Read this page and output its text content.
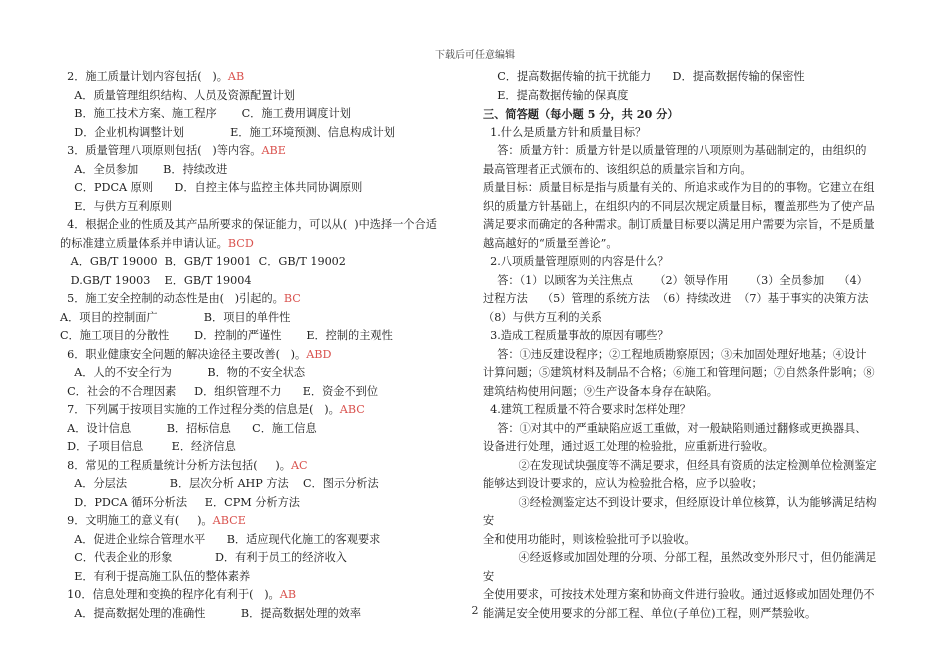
下载后可任意编辑
2．施工质量计划内容包括(   )。AB
A．质量管理组织结构、人员及资源配置计划
B．施工技术方案、施工程序       C．施工费用调度计划
D．企业机构调整计划             E．施工环境预测、信息构成计划
3．质量管理八项原则包括(   )等内容。ABE
A．全员参加       B．持续改进
C．PDCA 原则      D．自控主体与监控主体共同协调原则
E．与供方互利原则
4．根据企业的性质及其产品所要求的保证能力，可以从(  )中选择一个合适
的标准建立质量体系并申请认证。BCD
A．GB/T 19000  B．GB/T 19001  C．GB/T 19002
D.GB/T 19003    E．GB/T 19004
5．施工安全控制的动态性是由(   )引起的。BC
A．项目的控制面广             B．项目的单件性
C．施工项目的分散性       D．控制的严谨性       E．控制的主观性
6．职业健康安全问题的解决途径主要改善(   )。ABD
A．人的不安全行为          B．物的不安全状态
C．社会的不合理因素     D．组织管理不力      E．资金不到位
7．下列属于按项目实施的工作过程分类的信息是(   )。ABC
A．设计信息          B．招标信息      C．施工信息
D．子项目信息        E．经济信息
8．常见的工程质量统计分析方法包括(     )。AC
A．分层法            B．层次分析 AHP 方法    C．图示分析法
D．PDCA 循环分析法     E．CPM 分析方法
9．文明施工的意义有(     )。ABCE
A．促进企业综合管理水平      B．适应现代化施工的客观要求
C．代表企业的形象            D．有利于员工的经济收入
E．有利于提高施工队伍的整体素养
10．信息处理和变换的程序化有利于(   )。AB
A．提高数据处理的准确性          B．提高数据处理的效率
C．提高数据传输的抗干扰能力      D．提高数据传输的保密性
E．提高数据传输的保真度
三、简答题（每小题 5 分，共 20 分）
1.什么是质量方针和质量目标？
答：质量方针：质量方针是以质量管理的八项原则为基础制定的，由组织的
最高管理者正式颁布的、该组织总的质量宗旨和方向。
质量目标：质量目标是指与质量有关的、所追求或作为目的的事物。它建立在组
织的质量方针基础上，在组织内的不同层次规定质量目标，覆盖那些为了使产品
满足要求而确定的各种需求。制订质量目标要以满足用户需要为宗旨，不是质量
越高越好的“质量至善论”。
2.八项质量管理原则的内容是什么？
答：（1）以顾客为关注焦点      （2）领导作用      （3）全员参加    （4）
过程方法    （5）管理的系统方法  （6）持续改进  （7）基于事实的决策方法
（8）与供方互利的关系
3.造成工程质量事故的原因有哪些？
答：①违反建设程序；②工程地质勘察原因；③未加固处理好地基；④设计
计算问题；⑤建筑材料及制品不合格；⑥施工和管理问题；⑦自然条件影响；⑧
建筑结构使用问题；⑨生产设备本身存在缺陷。
4.建筑工程质量不符合要求时怎样处理？
答：①对其中的严重缺陷应返工重做，对一般缺陷则通过翻修或更换器具、
设备进行处理，通过返工处理的检验批，应重新进行验收。
②在发现试块强度等不满足要求，但经具有资质的法定检测单位检测鉴定
能够达到设计要求的，应认为检验批合格，应予以验收；
③经检测鉴定达不到设计要求，但经原设计单位核算，认为能够满足结构
安
全和使用功能时，则该检验批可予以验收。
④经返修或加固处理的分项、分部工程，虽然改变外形尺寸，但仍能满足
安
全使用要求，可按技术处理方案和协商文件进行验收。通过返修或加固处理仍不
能满足安全使用要求的分部工程、单位(子单位)工程，则严禁验收。
2
